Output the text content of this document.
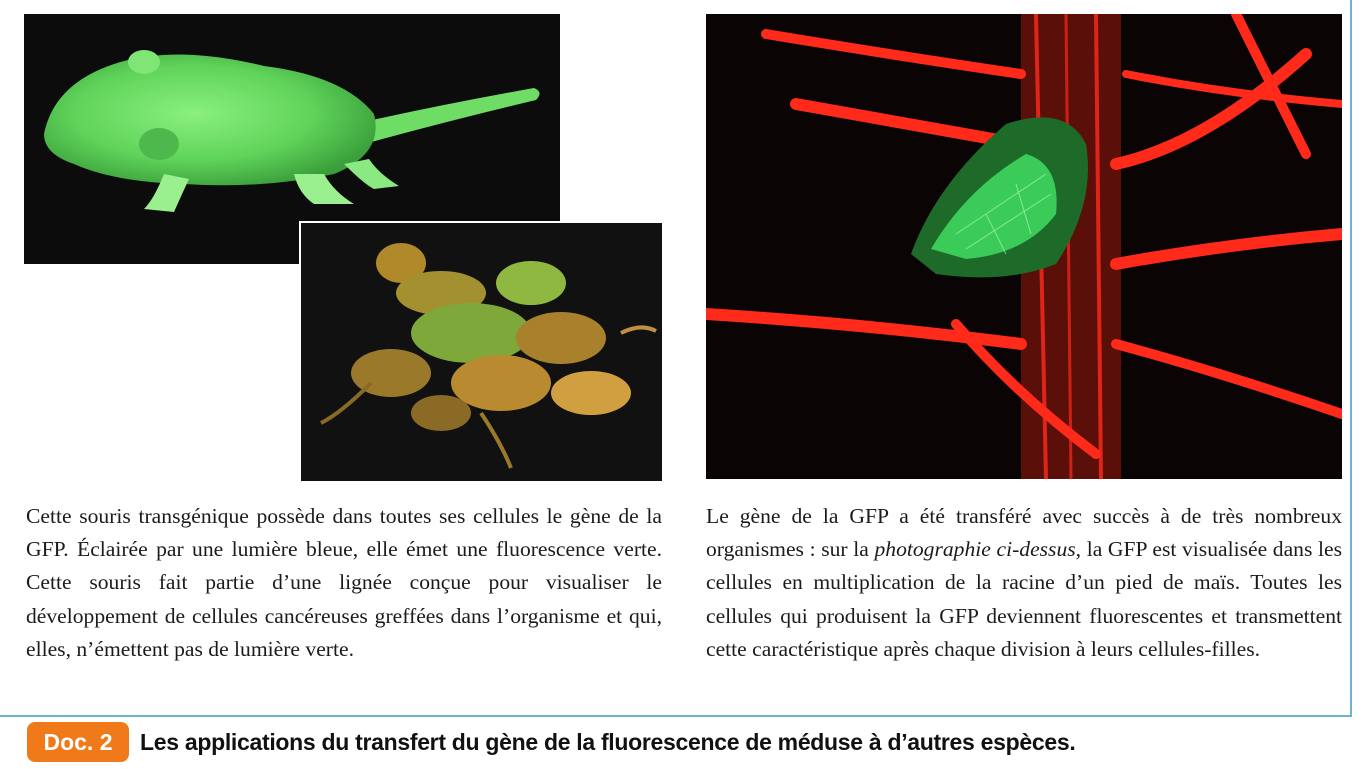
Cette souris transgénique possède dans toutes ses cellules le gène de la GFP. Éclairée par une lumière bleue, elle émet une fluorescence verte. Cette souris fait partie d’une lignée conçue pour visualiser le développement de cellules cancéreuses greffées dans l’organisme et qui, elles, n’émettent pas de lumière verte.

Le gène de la GFP a été transféré avec succès à de très nombreux organismes : sur la photographie ci-dessus, la GFP est visualisée dans les cellules en multiplication de la racine d’un pied de maïs. Toutes les cellules qui produisent la GFP deviennent fluorescentes et transmettent cette caractéristique après chaque division à leurs cellules-filles.

Doc. 2	Les applications du transfert du gène de la fluorescence de méduse à d’autres espèces.
